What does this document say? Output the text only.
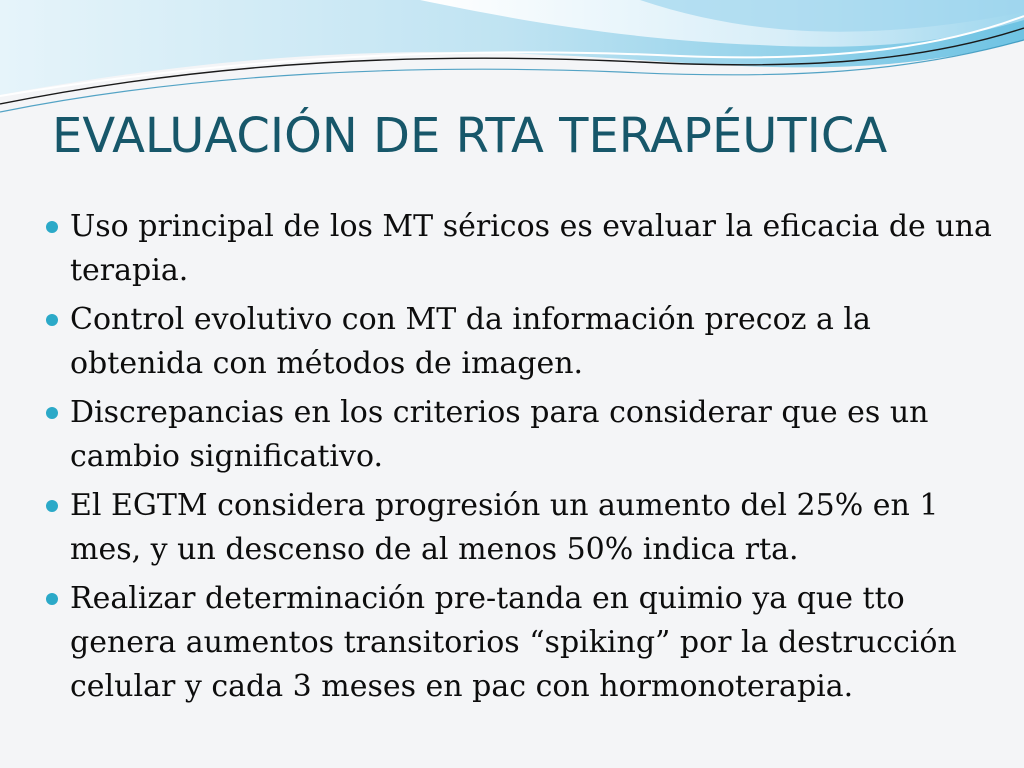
EVALUACIÓN DE RTA TERAPÉUTICA
Uso principal de los MT séricos es evaluar la eficacia de una terapia.
Control evolutivo con MT da información precoz a la obtenida con métodos de imagen.
Discrepancias en los criterios para considerar que es un cambio significativo.
El EGTM considera progresión un aumento del 25% en 1 mes, y un descenso de al menos 50% indica rta.
Realizar determinación pre-tanda en quimio ya que tto genera aumentos transitorios “spiking” por la destrucción celular y cada 3 meses en pac con hormonoterapia.
